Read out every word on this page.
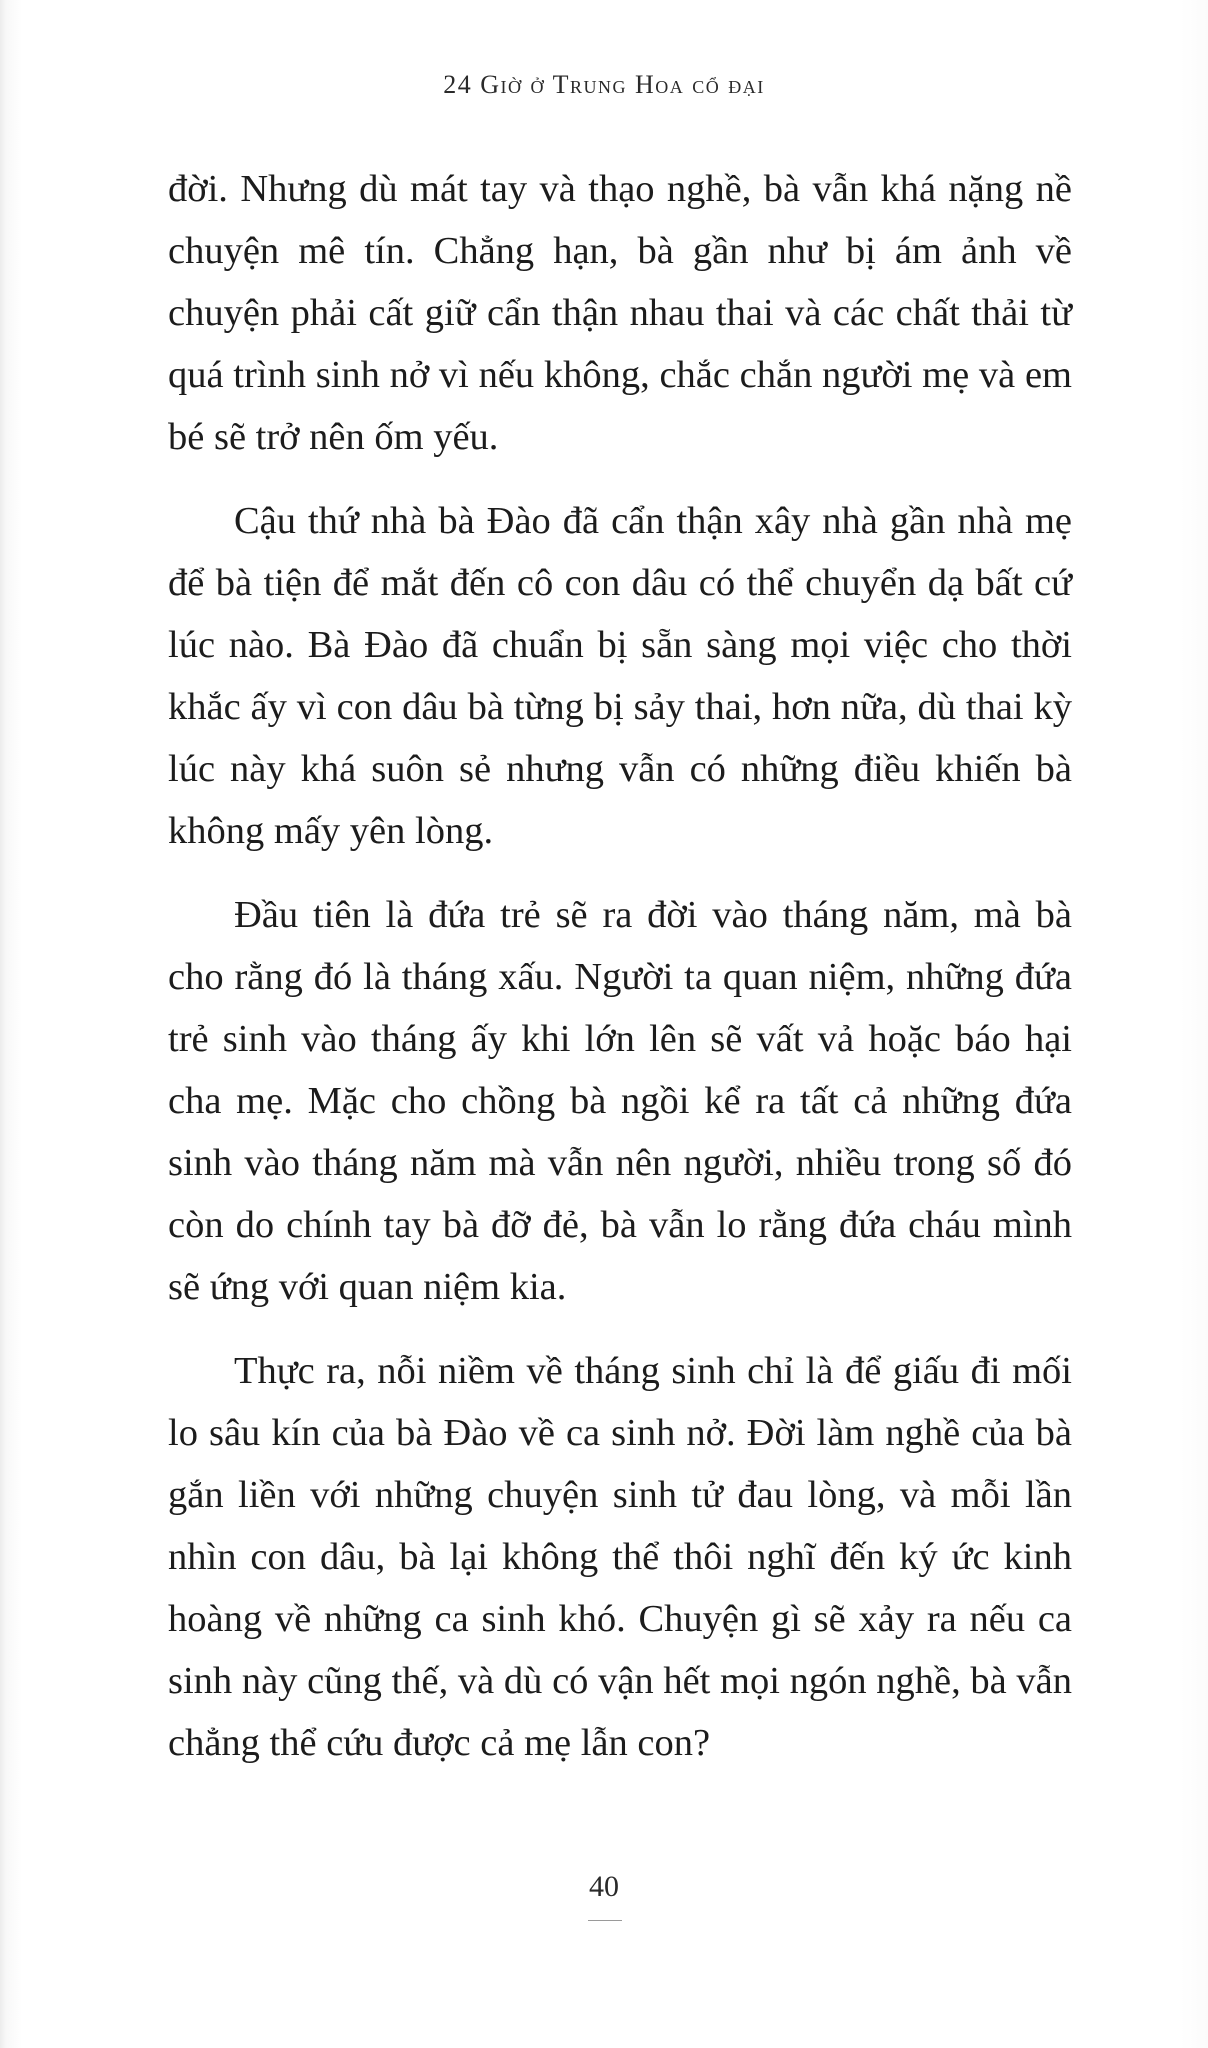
24 Giờ ở Trung Hoa cổ đại

đời. Nhưng dù mát tay và thạo nghề, bà vẫn khá nặng nề chuyện mê tín. Chẳng hạn, bà gần như bị ám ảnh về chuyện phải cất giữ cẩn thận nhau thai và các chất thải từ quá trình sinh nở vì nếu không, chắc chắn người mẹ và em bé sẽ trở nên ốm yếu.

Cậu thứ nhà bà Đào đã cẩn thận xây nhà gần nhà mẹ để bà tiện để mắt đến cô con dâu có thể chuyển dạ bất cứ lúc nào. Bà Đào đã chuẩn bị sẵn sàng mọi việc cho thời khắc ấy vì con dâu bà từng bị sảy thai, hơn nữa, dù thai kỳ lúc này khá suôn sẻ nhưng vẫn có những điều khiến bà không mấy yên lòng.

Đầu tiên là đứa trẻ sẽ ra đời vào tháng năm, mà bà cho rằng đó là tháng xấu. Người ta quan niệm, những đứa trẻ sinh vào tháng ấy khi lớn lên sẽ vất vả hoặc báo hại cha mẹ. Mặc cho chồng bà ngồi kể ra tất cả những đứa sinh vào tháng năm mà vẫn nên người, nhiều trong số đó còn do chính tay bà đỡ đẻ, bà vẫn lo rằng đứa cháu mình sẽ ứng với quan niệm kia.

Thực ra, nỗi niềm về tháng sinh chỉ là để giấu đi mối lo sâu kín của bà Đào về ca sinh nở. Đời làm nghề của bà gắn liền với những chuyện sinh tử đau lòng, và mỗi lần nhìn con dâu, bà lại không thể thôi nghĩ đến ký ức kinh hoàng về những ca sinh khó. Chuyện gì sẽ xảy ra nếu ca sinh này cũng thế, và dù có vận hết mọi ngón nghề, bà vẫn chẳng thể cứu được cả mẹ lẫn con?

40
